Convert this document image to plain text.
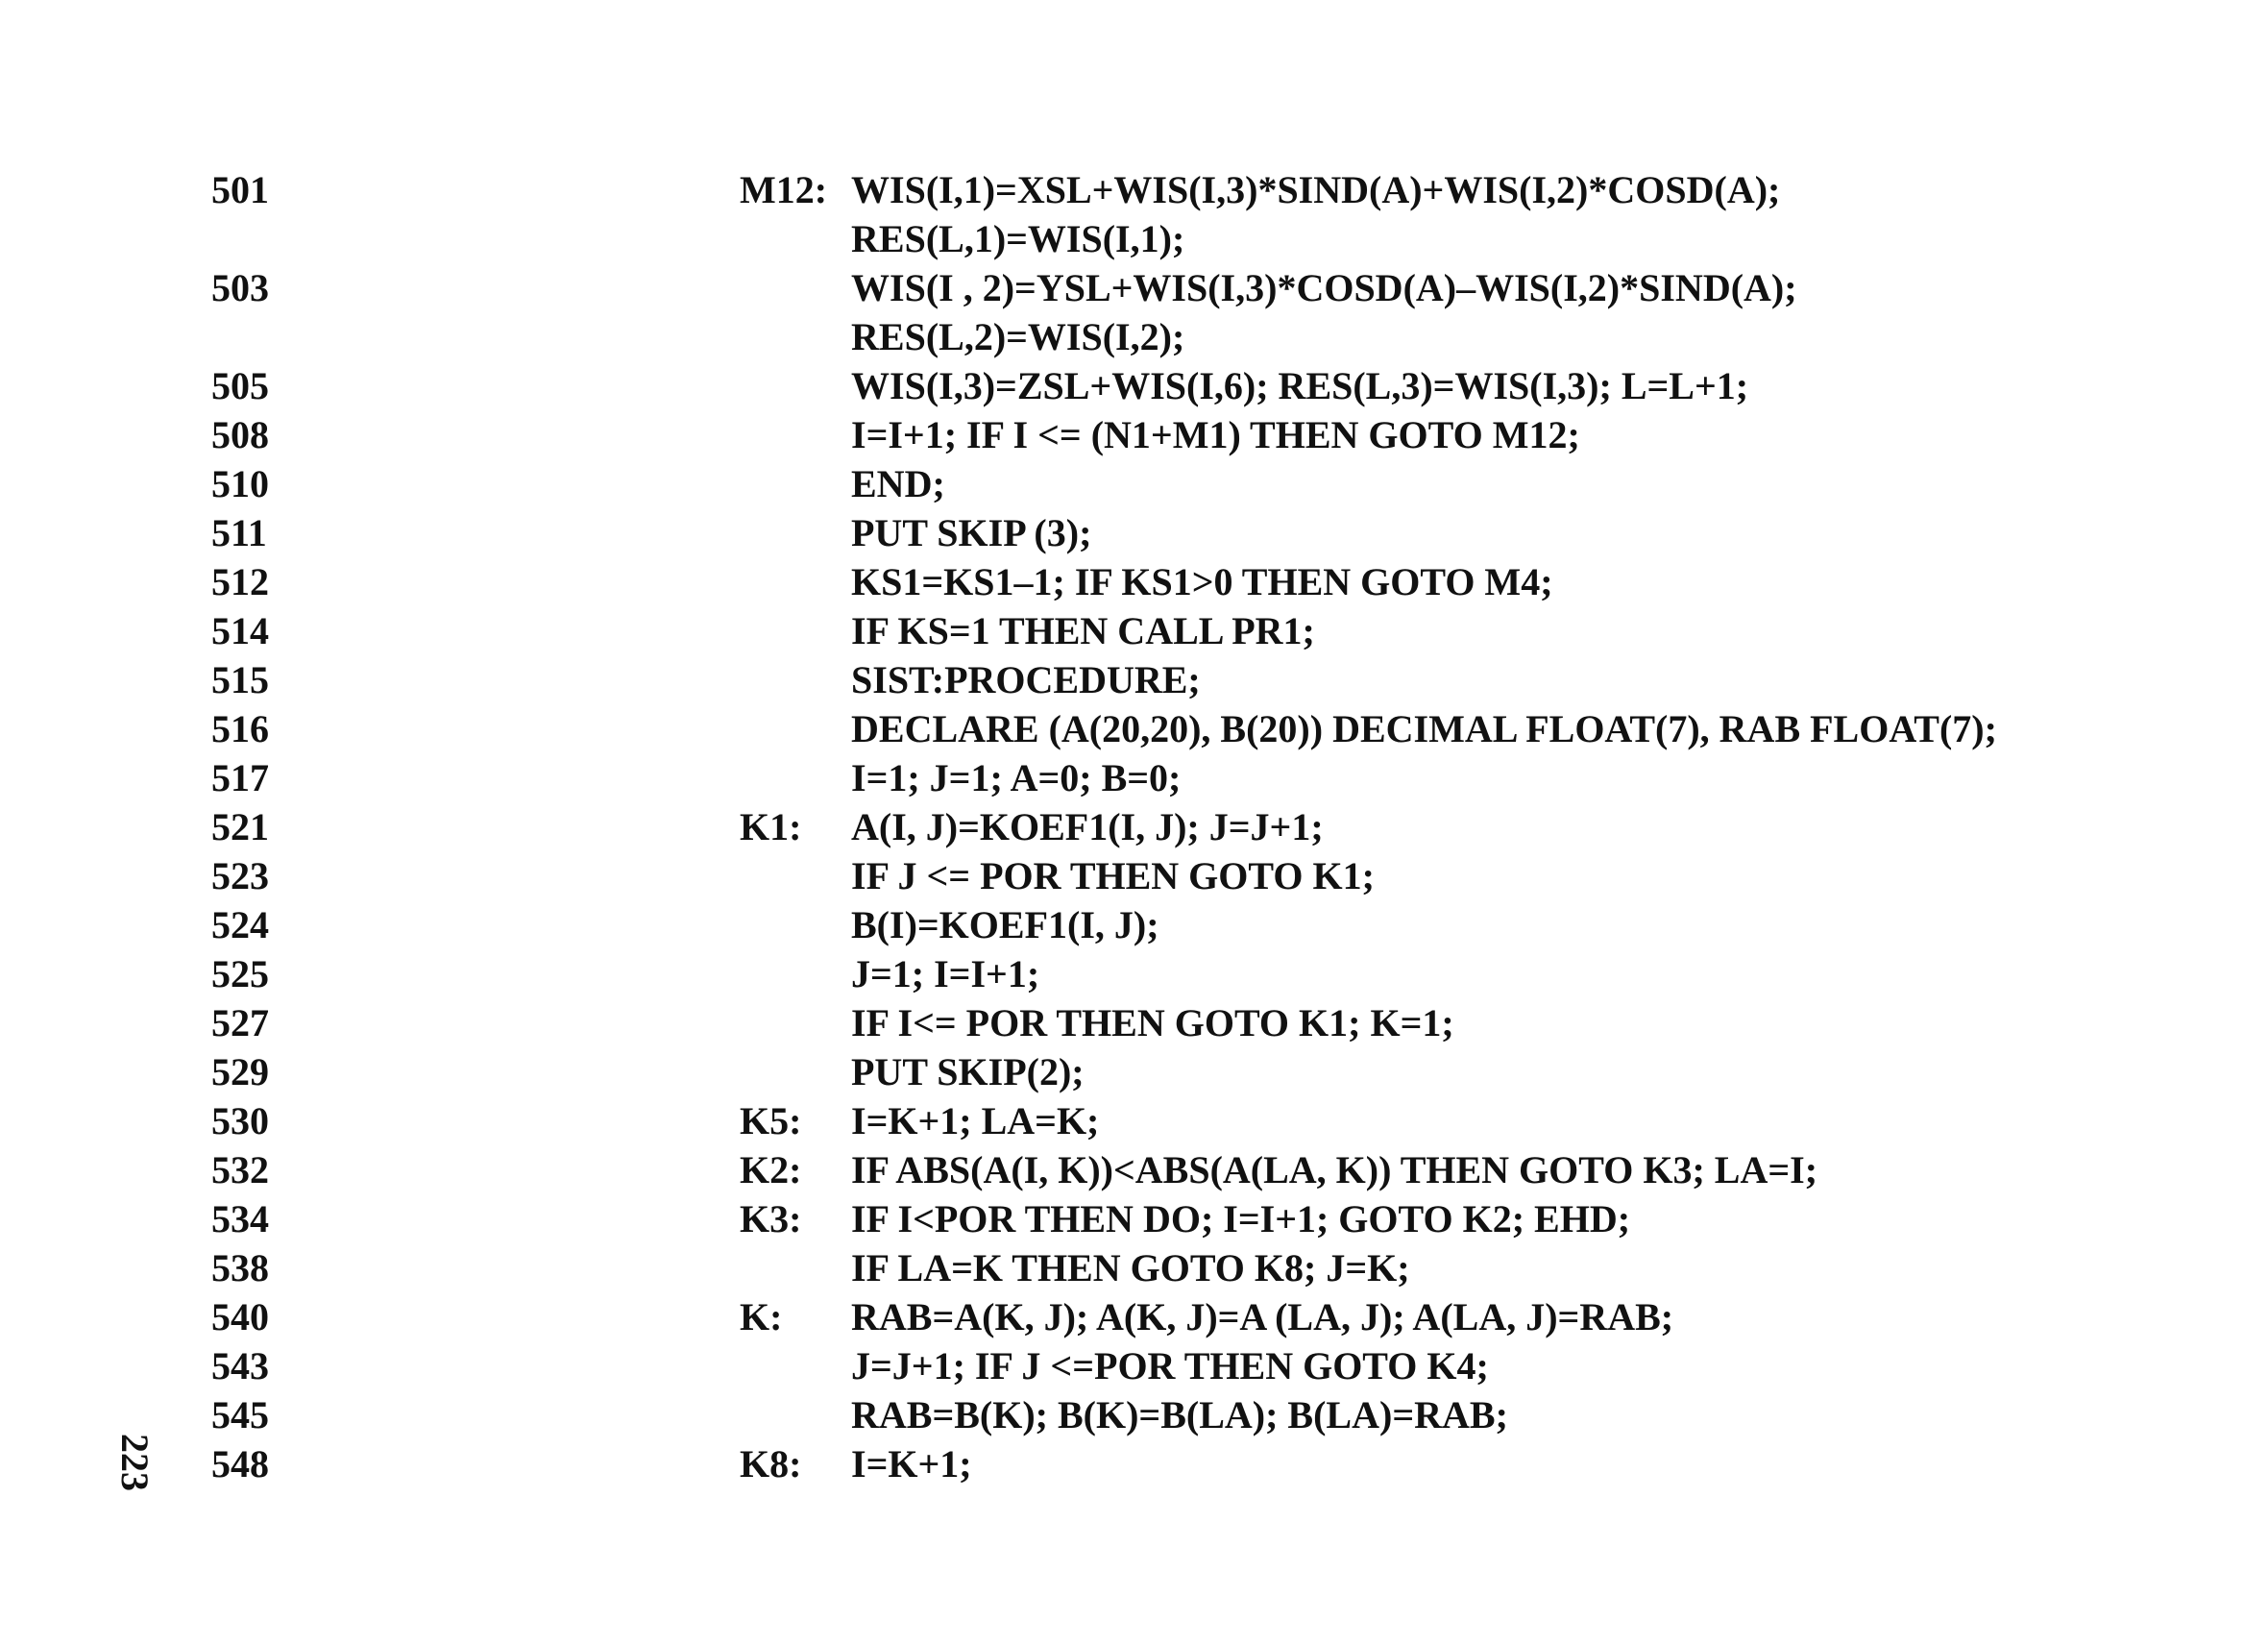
501	M12: WIS(I,1)=XSL+WIS(I,3)*SIND(A)+WIS(I,2)*COSD(A);
RES(L,1)=WIS(I,1);
503	WIS(I , 2)=YSL+WIS(I,3)*COSD(A)–WIS(I,2)*SIND(A);
RES(L,2)=WIS(I,2);
505	WIS(I,3)=ZSL+WIS(I,6); RES(L,3)=WIS(I,3); L=L+1;
508	I=I+1; IF I <= (N1+M1) THEN GOTO M12;
510	END;
511	PUT SKIP (3);
512	KS1=KS1–1; IF KS1>0 THEN GOTO M4;
514	IF KS=1 THEN CALL PR1;
515	SIST:PROCEDURE;
516	DECLARE (A(20,20), B(20)) DECIMAL FLOAT(7), RAB FLOAT(7);
517	I=1; J=1; A=0; B=0;
521	K1: A(I, J)=KOEF1(I, J); J=J+1;
523	IF J <= POR THEN GOTO K1;
524	B(I)=KOEF1(I, J);
525	J=1; I=I+1;
527	IF I<= POR THEN GOTO K1; K=1;
529	PUT SKIP(2);
530	K5: I=K+1; LA=K;
532	K2: IF ABS(A(I, K))<ABS(A(LA, K)) THEN GOTO K3; LA=I;
534	K3: IF I<POR THEN DO; I=I+1; GOTO K2; EHD;
538	IF LA=K THEN GOTO K8; J=K;
540	K: RAB=A(K, J); A(K, J)=A (LA, J); A(LA, J)=RAB;
543	J=J+1; IF J <=POR THEN GOTO K4;
545	RAB=B(K); B(K)=B(LA); B(LA)=RAB;
548	K8: I=K+1;
223
